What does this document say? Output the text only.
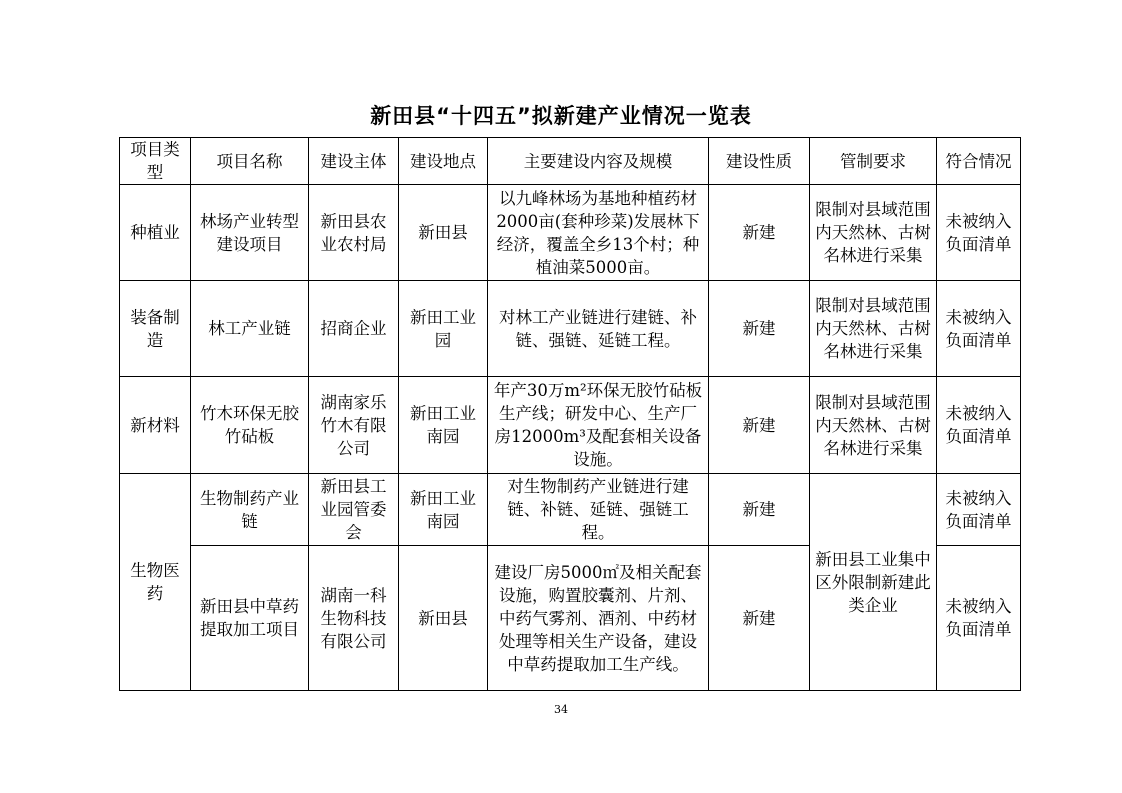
新田县“十四五”拟新建产业情况一览表
项目类型	项目名称	建设主体	建设地点	主要建设内容及规模	建设性质	管制要求	符合情况
种植业	林场产业转型建设项目	新田县农业农村局	新田县	以九峰林场为基地种植药材2000亩(套种珍菜)发展林下经济，覆盖全乡13个村；种植油菜5000亩。	新建	限制对县域范围内天然林、古树名林进行采集	未被纳入负面清单
装备制造	林工产业链	招商企业	新田工业园	对林工产业链进行建链、补链、强链、延链工程。	新建	限制对县域范围内天然林、古树名林进行采集	未被纳入负面清单
新材料	竹木环保无胶竹砧板	湖南家乐竹木有限公司	新田工业南园	年产30万m²环保无胶竹砧板生产线；研发中心、生产厂房12000m³及配套相关设备设施。	新建	限制对县域范围内天然林、古树名林进行采集	未被纳入负面清单
生物医药	生物制药产业链	新田县工业园管委会	新田工业南园	对生物制药产业链进行建链、补链、延链、强链工程。	新建	新田县工业集中区外限制新建此类企业	未被纳入负面清单
	新田县中草药提取加工项目	湖南一科生物科技有限公司	新田县	建设厂房5000㎡及相关配套设施，购置胶囊剂、片剂、中药气雾剂、酒剂、中药材处理等相关生产设备，建设中草药提取加工生产线。	新建		未被纳入负面清单
34
